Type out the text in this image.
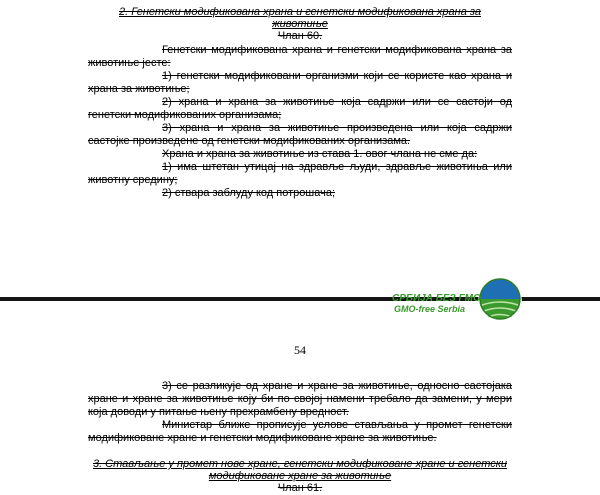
2. Генетски модификована храна и генетски модификована храна за
животиње
Члан 60.
Генетски модификована храна и генетски модификована храна за
животиње јесте:
1) генетски модификовани организми који се користе као храна и
храна за животиње;
2) храна и храна за животиње која садржи или се састоји од
генетски модификованих организама;
3) храна и храна за животиње произведена или која садржи
састојке произведене од генетски модификованих организама.
Храна и храна за животиње из става 1. овог члана не сме да:
1) има штетан утицај на здравље људи, здравље животиња или
животну средину;
2) ствара заблуду код потрошача;
СРБИЈА БЕЗ ГМО
GMO-free Serbia
54
3) се разликује од хране и хране за животиње, односно састојака
хране и хране за животиње коју би по својој намени требало да замени, у мери
која доводи у питање њену прехрамбену вредност.
Министар ближе прописује услове стављања у промет генетски
модификоване хране и генетски модификоване хране за животиње.
3. Стављање у промет нове хране, генетски модификоване хране и генетски
модификоване хране за животиње
Члан 61.
